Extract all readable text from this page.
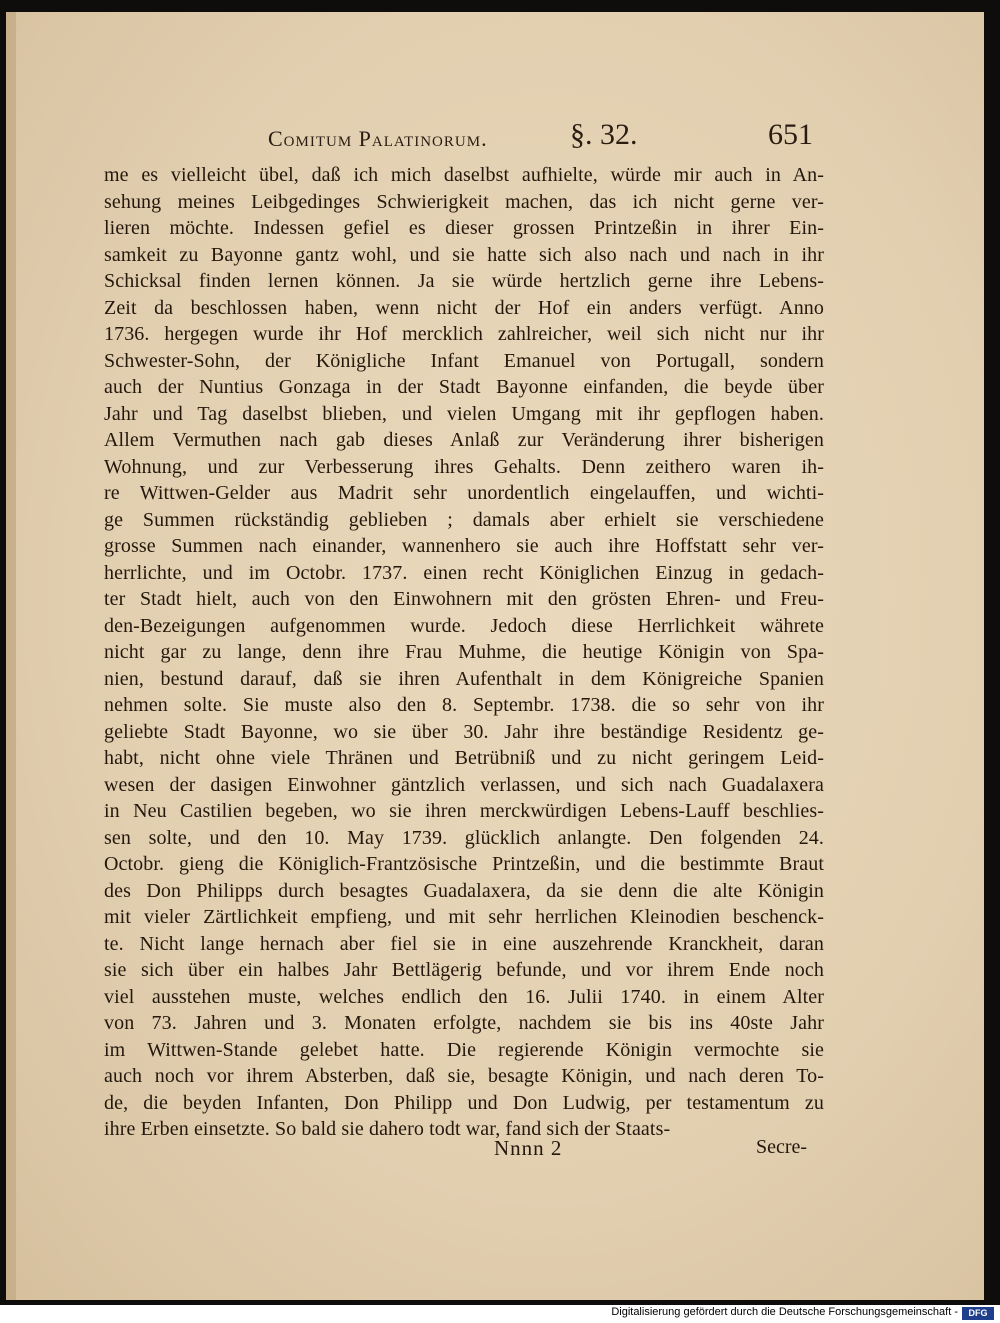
Comitum Palatinorum.	§. 32.	651
me es vielleicht übel, daß ich mich daselbst aufhielte, würde mir auch in An-
sehung meines Leibgedinges Schwierigkeit machen, das ich nicht gerne ver-
lieren möchte. Indessen gefiel es dieser grossen Printzeßin in ihrer Ein-
samkeit zu Bayonne gantz wohl, und sie hatte sich also nach und nach in ihr
Schicksal finden lernen können. Ja sie würde hertzlich gerne ihre Lebens-
Zeit da beschlossen haben, wenn nicht der Hof ein anders verfügt. Anno
1736. hergegen wurde ihr Hof mercklich zahlreicher, weil sich nicht nur ihr
Schwester-Sohn, der Königliche Infant Emanuel von Portugall, sondern
auch der Nuntius Gonzaga in der Stadt Bayonne einfanden, die beyde über
Jahr und Tag daselbst blieben, und vielen Umgang mit ihr gepflogen haben.
Allem Vermuthen nach gab dieses Anlaß zur Veränderung ihrer bisherigen
Wohnung, und zur Verbesserung ihres Gehalts. Denn zeithero waren ih-
re Wittwen-Gelder aus Madrit sehr unordentlich eingelauffen, und wichti-
ge Summen rückständig geblieben ; damals aber erhielt sie verschiedene
grosse Summen nach einander, wannenhero sie auch ihre Hoffstatt sehr ver-
herrlichte, und im Octobr. 1737. einen recht Königlichen Einzug in gedach-
ter Stadt hielt, auch von den Einwohnern mit den grösten Ehren- und Freu-
den-Bezeigungen aufgenommen wurde. Jedoch diese Herrlichkeit währete
nicht gar zu lange, denn ihre Frau Muhme, die heutige Königin von Spa-
nien, bestund darauf, daß sie ihren Aufenthalt in dem Königreiche Spanien
nehmen solte. Sie muste also den 8. Septembr. 1738. die so sehr von ihr
geliebte Stadt Bayonne, wo sie über 30. Jahr ihre beständige Residentz ge-
habt, nicht ohne viele Thränen und Betrübniß und zu nicht geringem Leid-
wesen der dasigen Einwohner gäntzlich verlassen, und sich nach Guadalaxera
in Neu Castilien begeben, wo sie ihren merckwürdigen Lebens-Lauff beschlies-
sen solte, und den 10. May 1739. glücklich anlangte. Den folgenden 24.
Octobr. gieng die Königlich-Frantzösische Printzeßin, und die bestimmte Braut
des Don Philipps durch besagtes Guadalaxera, da sie denn die alte Königin
mit vieler Zärtlichkeit empfieng, und mit sehr herrlichen Kleinodien beschenck-
te. Nicht lange hernach aber fiel sie in eine auszehrende Kranckheit, daran
sie sich über ein halbes Jahr Bettlägerig befunde, und vor ihrem Ende noch
viel ausstehen muste, welches endlich den 16. Julii 1740. in einem Alter
von 73. Jahren und 3. Monaten erfolgte, nachdem sie bis ins 40ste Jahr
im Wittwen-Stande gelebet hatte. Die regierende Königin vermochte sie
auch noch vor ihrem Absterben, daß sie, besagte Königin, und nach deren To-
de, die beyden Infanten, Don Philipp und Don Ludwig, per testamentum zu
ihre Erben einsetzte. So bald sie dahero todt war, fand sich der Staats-
Nnnn 2	Secre-
Digitalisierung gefördert durch die Deutsche Forschungsgemeinschaft -	DFG
